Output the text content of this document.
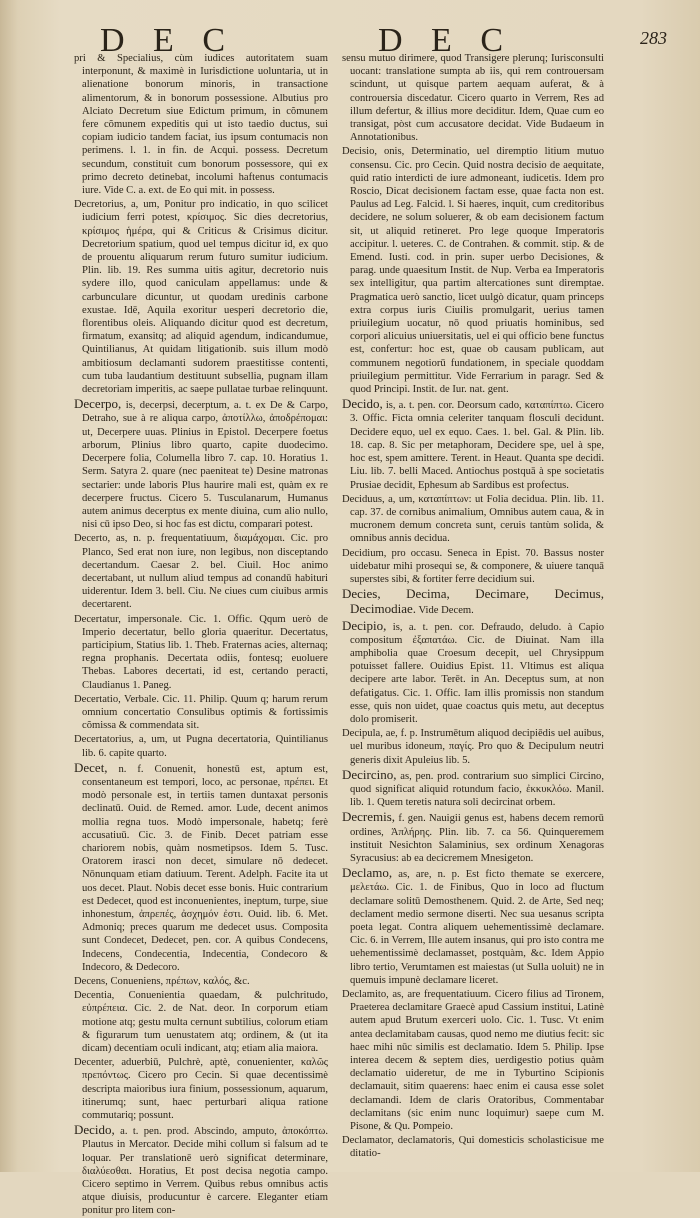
D E C	D E C	283

pri & Specialius, cùm iudices autoritatem suam interponunt, & maximè in Iurisdictione uoluntaria, ut in alienatione bonorum minoris, in transactione alimentorum, & in bonorum possessione. Albutius pro Alciato Decretum siue Edictum primum, in cõmunem fere cõmunem expeditis qui ut isto taedio ductus, sui copiam iudicio tandem faciat, ius ipsum contumacis non perimens. l. 1. in fin. de Acqui. possess. Decretum secundum, constituit cum bonorum possessore, qui ex primo decreto detinebat, incolumi haftenus contumacis iure. Vide C. a. ext. de Eo qui mit. in possess.

Decretorius, a, um, Ponitur pro indicatio, in quo scilicet iudicium ferri potest, κρίσιμος. Sic dies decretorius, κρίσιμος ἡμέρα, qui & Criticus & Crisimus dicitur. Decretorium spatium, quod uel tempus dicitur id, ex quo de prouentu aliquarum rerum futuro sumitur iudicium. Plin. lib. 19. Res summa uitis agitur, decretorio nuis sydere illo, quod caniculam appellamus: unde & carbunculare dicuntur, ut quodam uredinis carbone exustae. Idē, Aquila exoritur uesperi decretorio die, florentibus oleis. Aliquando dicitur quod est decretum, firmatum, exansitq; ad aliquid agendum, indicandumue, Quintilianus, At quidam litigationib. suis illum modò ambitiosum declamanti sudorem praestitisse contenti, cum tuba laudantium destituunt subsellia, pugnam illam decretoriam imperitis, ac saepe pullatae turbae relinquunt.

Decerpo, is, decerpsi, decerptum, a. t. ex De & Carpo, Detraho, sue à re aliqua carpo, ἀποτίλλω, ἀποδρέπομαι: ut, Decerpere uuas. Plinius in Epistol. Decerpere foetus arborum, Plinius libro quarto, capite duodecimo. Decerpere folia, Columella libro 7. cap. 10. Horatius 1. Serm. Satyra 2. quare (nec paeniteat te) Desine matronas sectarier: unde laboris Plus haurire mali est, quàm ex re decerpere fructus. Cicero 5. Tusculanarum, Humanus autem animus decerptus ex mente diuina, cum alio nullo, nisi cū ipso Deo, si hoc fas est dictu, comparari potest.

Decerto, as, n. p. frequentatiuum, διαμάχομαι. Cic. pro Planco, Sed erat non iure, non legibus, non disceptando decertandum. Caesar 2. bel. Ciuil. Hoc animo decertabant, ut nullum aliud tempus ad conandū habituri uiderentur. Idem 3. bell. Ciu. Ne ciues cum ciuibus armis decertarent.

Decertatur, impersonale. Cic. 1. Offic. Qqum uerò de Imperio decertatur, bello gloria quaeritur. Decertatus, participium, Statius lib. 1. Theb. Fraternas acies, alternaq; regna prophanis. Decertata odiis, fontesq; euoluere Thebas. Labores decertati, id est, certando peracti, Claudianus 1. Paneg.

Decertatio, Verbale. Cic. 11. Philip. Quum q; harum rerum omnium concertatio Consulibus optimis & fortissimis cõmissa & commendata sit.

Decertatorius, a, um, ut Pugna decertatoria, Quintilianus lib. 6. capite quarto.

Decet, n. f. Conuenit, honestū est, aptum est, consentaneum est tempori, loco, ac personae, πρέπει. Et modò personale est, in tertiis tamen duntaxat personis declinatū. Ouid. de Remed. amor. Lude, decent animos mollia regna tuos. Modò impersonale, habetq; ferè accusatiuū. Cic. 3. de Finib. Decet patriam esse chariorem nobis, quàm nosmetipsos. Idem 5. Tusc. Oratorem irasci non decet, simulare nō dedecet. Nōnunquam etiam datiuum. Terent. Adelph. Facite ita ut uos decet. Plaut. Nobis decet esse bonis. Huic contrarium est Dedecet, quod est inconuenientes, ineptum, turpe, siue inhonestum, ἀπρεπές, ἀσχημόν ἐστι. Ouid. lib. 6. Met. Admoniq; preces quarum me dedecet usus. Composita sunt Condecet, Dedecet, pen. cor. A quibus Condecens, Indecens, Condecentia, Indecentia, Condecoro & Indecoro, & Dedecoro.

Decens, Conueniens, πρέπων, καλός, &c.

Decentia, Conuenientia quaedam, & pulchritudo, εὐπρέπεια. Cic. 2. de Nat. deor. In corporum etiam motione atq; gestu multa cernunt subtilius, colorum etiam & figurarum tum uenustatem atq; ordinem, & (ut ita dicam) decentiam oculi indicant, atq; etiam alia maiora.

Decenter, aduerbiū, Pulchrè, aptè, conuenienter, καλῶς πρεπόντως. Cicero pro Cecin. Si quae decentissimè descripta maioribus iura finium, possessionum, aquarum, itinerumq; sunt, haec perturbari aliqua ratione commutariq; possunt.

Decido, a. t. pen. prod. Abscindo, amputo, ἀποκόπτω. Plautus in Mercator. Decide mihi collum si falsum ad te loquar. Per translationē uerò significat determinare, διαλύεσθαι. Horatius, Et post decisa negotia campo. Cicero septimo in Verrem. Quibus rebus omnibus actis atque diuisis, producuntur è carcere. Eleganter etiam ponitur pro litem con-

sensu mutuo dirimere, quod Transigere plerunq; Iurisconsulti uocant: translatione sumpta ab iis, qui rem controuersam scindunt, ut quisque partem aequam auferat, & à controuersia discedatur. Cicero quarto in Verrem, Res ad illum defertur, & illius more deciditur. Idem, Quae cum eo transigat, pòst cum accusatore decidat. Vide Budaeum in Annotationibus.

Decisio, onis, Determinatio, uel diremptio litium mutuo consensu. Cic. pro Cecin. Quid nostra decisio de aequitate, quid ratio interdicti de iure admoneant, iudicetis. Idem pro Roscio, Dicat decisionem factam esse, quae facta non est. Paulus ad Leg. Falcid. l. Si haeres, inquit, cum creditoribus decidere, ne solum soluerer, & ob eam decisionem factum sit, ut aliquid retineret. Pro lege quoque Imperatoris accipitur. l. ueteres. C. de Contrahen. & commit. stip. & de Emend. Iusti. cod. in prin. super uerbo Decisiones, & parag. unde quaesitum Instit. de Nup. Verba ea Imperatoris sex intelligitur, qua partim altercationes sunt diremptae. Pragmatica uerò sanctio, licet uulgò dicatur, quam princeps extra corpus iuris Ciuilis promulgarit, uerius tamen priuilegium uocatur, nō quod priuatis hominibus, sed corpori alicuius uniuersitatis, uel ei qui officio bene functus est, confertur: hoc est, quae ob causam publicam, aut communem negotiorū fundationem, in speciale quoddam priuilegium permittitur. Vide Ferrarium in paragr. Sed & quod Principi. Instit. de Iur. nat. gent.

Decido, is, a. t. pen. cor. Deorsum cado, καταπίπτω. Cicero 3. Offic. Ficta omnia celeriter tanquam flosculi decidunt. Decidere equo, uel ex equo. Caes. 1. bel. Gal. & Plin. lib. 18. cap. 8. Sic per metaphoram, Decidere spe, uel à spe, hoc est, spem amittere. Terent. in Heaut. Quanta spe decidi. Liu. lib. 7. belli Maced. Antiochus postquā à spe societatis Prusiae decidit, Ephesum ab Sardibus est profectus.

Deciduus, a, um, καταπίπτων: ut Folia decidua. Plin. lib. 11. cap. 37. de cornibus animalium, Omnibus autem caua, & in mucronem demum concreta sunt, ceruis tantùm solida, & omnibus annis decidua.

Decidium, pro occasu. Seneca in Epist. 70. Bassus noster uidebatur mihi prosequi se, & componere, & uiuere tanquā superstes sibi, & fortiter ferre decidium sui.

Decies, Decima, Decimare, Decimus, Decimodiae. Vide Decem.

Decipio, is, a. t. pen. cor. Defraudo, deludo. à Capio compositum ἐξαπατάω. Cic. de Diuinat. Nam illa amphibolia quae Croesum decepit, uel Chrysippum potuisset fallere. Ouidius Epist. 11. Vltimus est aliqua decipere arte labor. Terēt. in An. Deceptus sum, at non defatigatus. Cic. 1. Offic. Iam illis promissis non standum esse, quis non uidet, quae coactus quis metu, aut deceptus dolo promiserit.

Decipula, ae, f. p. Instrumētum aliquod decipiēdis uel auibus, uel muribus idoneum, παγίς. Pro quo & Decipulum neutri generis dixit Apuleius lib. 5.

Decircino, as, pen. prod. contrarium suo simplici Circino, quod significat aliquid rotundum facio, ἐκκυκλόω. Manil. lib. 1. Quem teretis natura soli decircinat orbem.

Decremis, f. gen. Nauigii genus est, habens decem remorū ordines, Ἀπλήρης. Plin. lib. 7. ca 56. Quinqueremem instituit Nesichton Salaminius, sex ordinum Xenagoras Syracusius: ab ea decicremem Mnesigeton.

Declamo, as, are, n. p. Est ficto themate se exercere, μελετάω. Cic. 1. de Finibus, Quo in loco ad fluctum declamare solitū Demosthenem. Quid. 2. de Arte, Sed neq; declament medio sermone diserti. Nec sua uesanus scripta poeta legat. Contra aliquem uehementissimè declamare. Cic. 6. in Verrem, Ille autem insanus, qui pro isto contra me uehementissimè declamasset, postquàm, &c. Idem Appio libro tertio, Verumtamen est maiestas (ut Sulla uoluit) ne in quemuis impunè declamare liceret.

Declamito, as, are frequentatiuum. Cicero filius ad Tironem, Praeterea declamitare Graecè apud Cassium institui, Latinè autem apud Brutum exerceri uolo. Cic. 1. Tusc. Vt enim antea declamitabam causas, quod nemo me diutius fecit: sic haec mihi nūc similis est declamatio. Idem 5. Philip. Ipse interea decem & septem dies, uerdigestio potius quàm declamatio uideretur, de me in Tyburtino Scipionis declamauit, sitim quaerens: haec enim ei causa esse solet declamandi. Idem de claris Oratoribus, Commentabar declamitans (sic enim nunc loquimur) saepe cum M. Pisone, & Qu. Pompeio.

Declamator, declamatoris, Qui domesticis scholasticisue me ditatio-
